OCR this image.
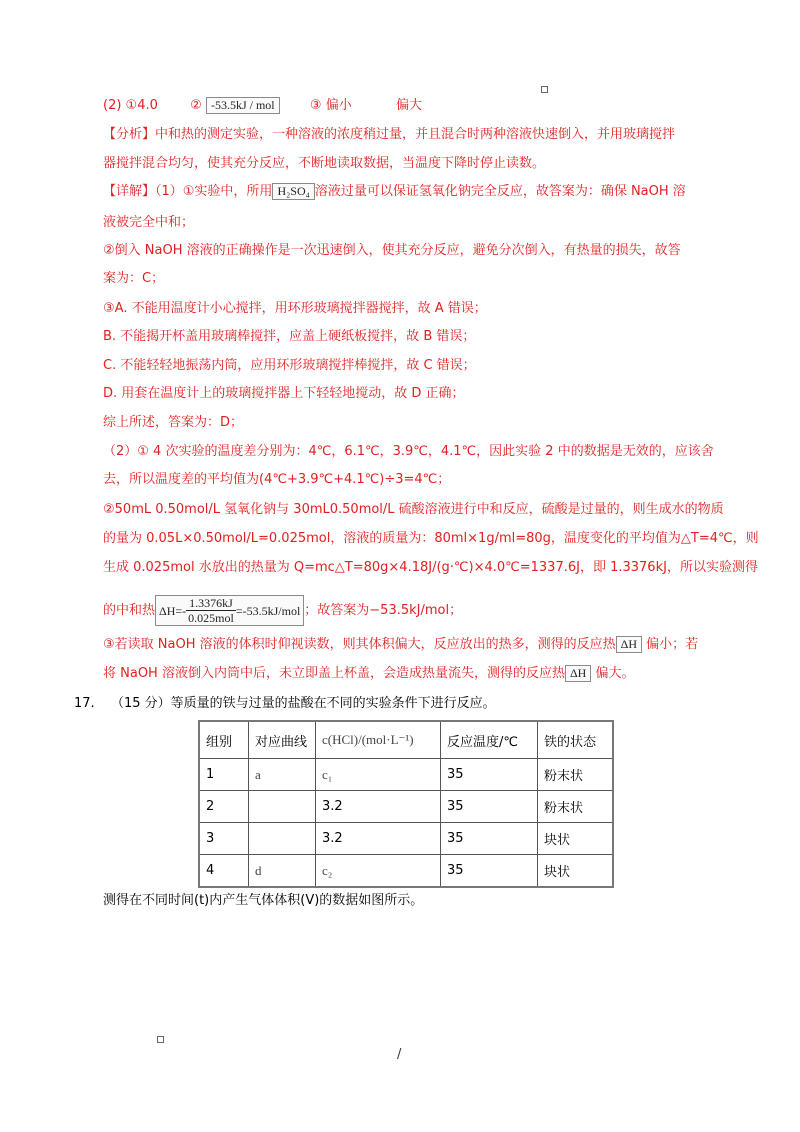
(2) ①4.0 ② -53.5kJ / mol	③ 偏小	偏大
【分析】中和热的测定实验，一种溶液的浓度稍过量，并且混合时两种溶液快速倒入，并用玻璃搅拌
器搅拌混合均匀，使其充分反应，不断地读取数据，当温度下降时停止读数。
【详解】（1）①实验中，所用 H₂SO₄ 溶液过量可以保证氢氧化钠完全反应，故答案为：确保 NaOH 溶
液被完全中和；
②倒入 NaOH 溶液的正确操作是一次迅速倒入，使其充分反应，避免分次倒入，有热量的损失，故答
案为：C；
③A. 不能用温度计小心搅拌，用环形玻璃搅拌器搅拌，故 A 错误；
B. 不能揭开杯盖用玻璃棒搅拌，应盖上硬纸板搅拌，故 B 错误；
C. 不能轻轻地振荡内筒，应用环形玻璃搅拌棒搅拌，故 C 错误；
D. 用套在温度计上的玻璃搅拌器上下轻轻地搅动，故 D 正确；
综上所述，答案为：D；
（2）① 4 次实验的温度差分别为：4℃，6.1℃，3.9℃，4.1℃，因此实验 2 中的数据是无效的，应该舍
去，所以温度差的平均值为(4℃+3.9℃+4.1℃)÷3=4℃；
②50mL 0.50mol/L 氢氧化钠与 30mL0.50mol/L 硫酸溶液进行中和反应，硫酸是过量的，则生成水的物质
的量为 0.05L×0.50mol/L=0.025mol，溶液的质量为：80ml×1g/ml=80g，温度变化的平均值为△T=4℃，则
生成 0.025mol 水放出的热量为 Q=mc△T=80g×4.18J/(g·℃)×4.0℃=1337.6J，即 1.3376kJ，所以实验测得
的中和热 $\Delta H=- \frac{1.3376kJ}{\text{0.025mol}} =-53.5kJ/mol$ ；故答案为−53.5kJ/mol；
③若读取 NaOH 溶液的体积时仰视读数，则其体积偏大，反应放出的热多，测得的反应热 ΔH 偏小；若
将 NaOH 溶液倒入内筒中后，未立即盖上杯盖，会造成热量流失，测得的反应热 ΔH 偏大。
17. （15 分）等质量的铁与过量的盐酸在不同的实验条件下进行反应。
组别	对应曲线	c(HCl)/(mol·L⁻¹)	反应温度/℃	铁的状态
1	a	c₁	35	粉末状
2		3.2	35	粉末状
3		3.2	35	块状
4	d	c₂	35	块状
测得在不同时间(t)内产生气体体积(V)的数据如图所示。
/
